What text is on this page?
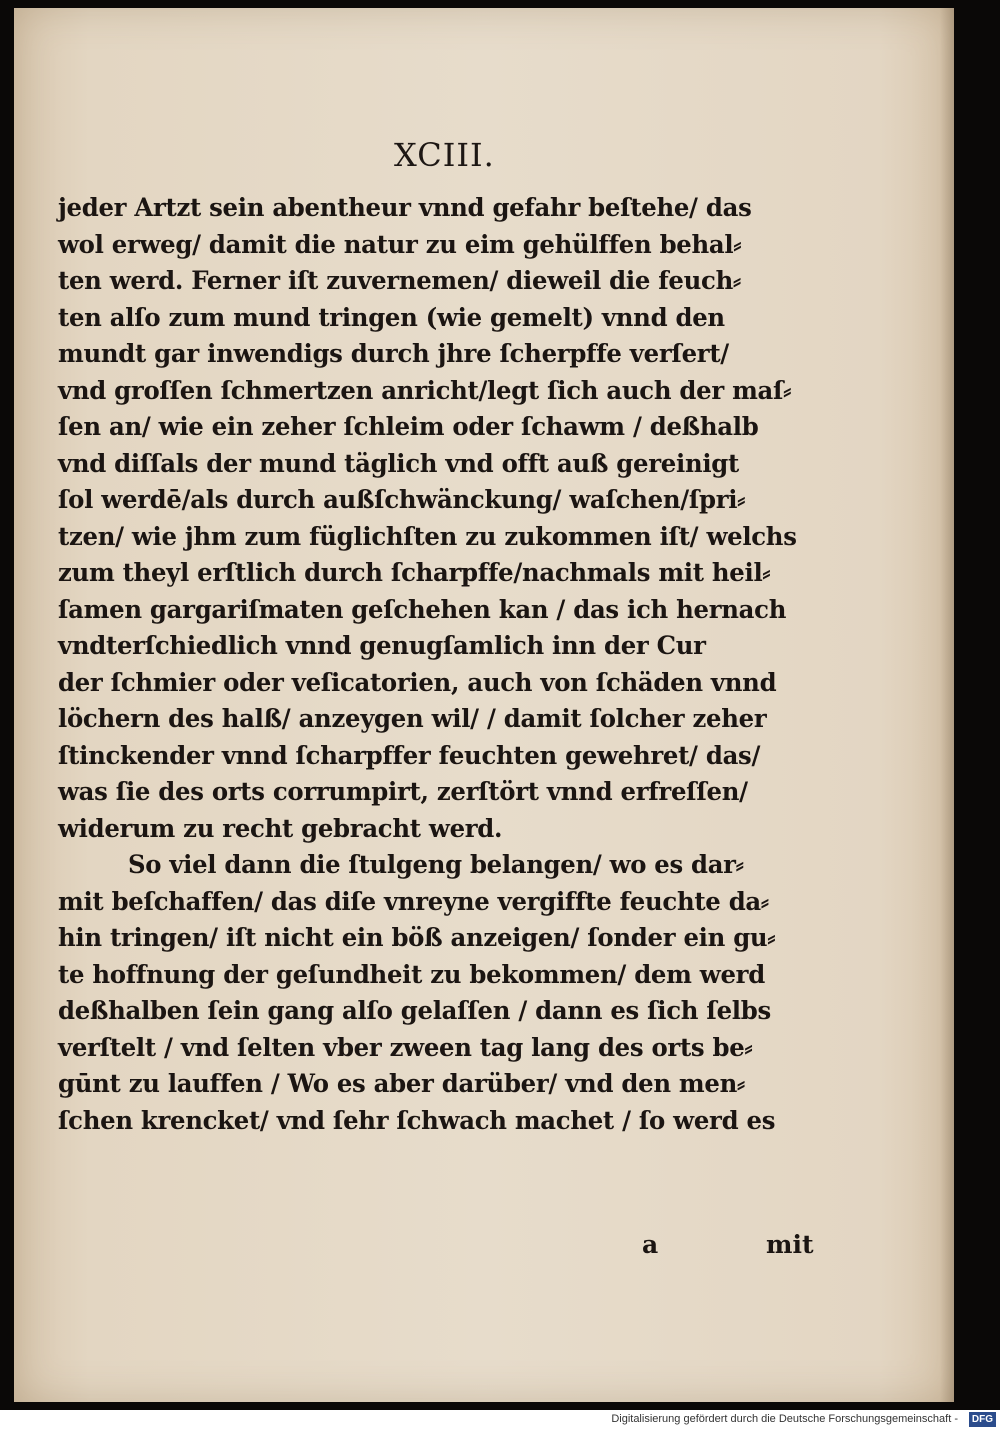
XCIII.
jeder Artzt sein abentheur vnnd gefahr beſtehe/ das
wol erweg/ damit die natur zu eim gehülffen behal⸗
ten werd. Ferner iſt zuvernemen/ dieweil die feuch⸗
ten alſo zum mund tringen (wie gemelt) vnnd den
mundt gar inwendigs durch jhre ſcherpffe verſert/
vnd groſſen ſchmertzen anricht/legt ſich auch der maſ⸗
ſen an/ wie ein zeher ſchleim oder ſchawm / deßhalb
vnd diſſals der mund täglich vnd offt auß gereinigt
ſol werdē/als durch außſchwänckung/ waſchen/ſpri⸗
tzen/ wie jhm zum füglichſten zu zukommen iſt/ welchs
zum theyl erſtlich durch ſcharpffe/nachmals mit heil⸗
ſamen gargariſmaten geſchehen kan / das ich hernach
vndterſchiedlich vnnd genugſamlich inn der Cur
der ſchmier oder veſicatorien, auch von ſchäden vnnd
löchern des halß/ anzeygen wil/ / damit ſolcher zeher
ſtinckender vnnd ſcharpffer feuchten gewehret/ das/
was ſie des orts corrumpirt, zerſtört vnnd erfreſſen/
widerum zu recht gebracht werd.
So viel dann die ſtulgeng belangen/ wo es dar⸗
mit beſchaffen/ das diſe vnreyne vergiffte feuchte da⸗
hin tringen/ iſt nicht ein böß anzeigen/ ſonder ein gu⸗
te hoffnung der geſundheit zu bekommen/ dem werd
deßhalben ſein gang alſo gelaſſen / dann es ſich ſelbs
verſtelt / vnd ſelten vber zween tag lang des orts be⸗
gūnt zu lauffen / Wo es aber darüber/ vnd den men⸗
ſchen krencket/ vnd ſehr ſchwach machet / ſo werd es
a	mit
Digitalisierung gefördert durch die Deutsche Forschungsgemeinschaft -	DFG
